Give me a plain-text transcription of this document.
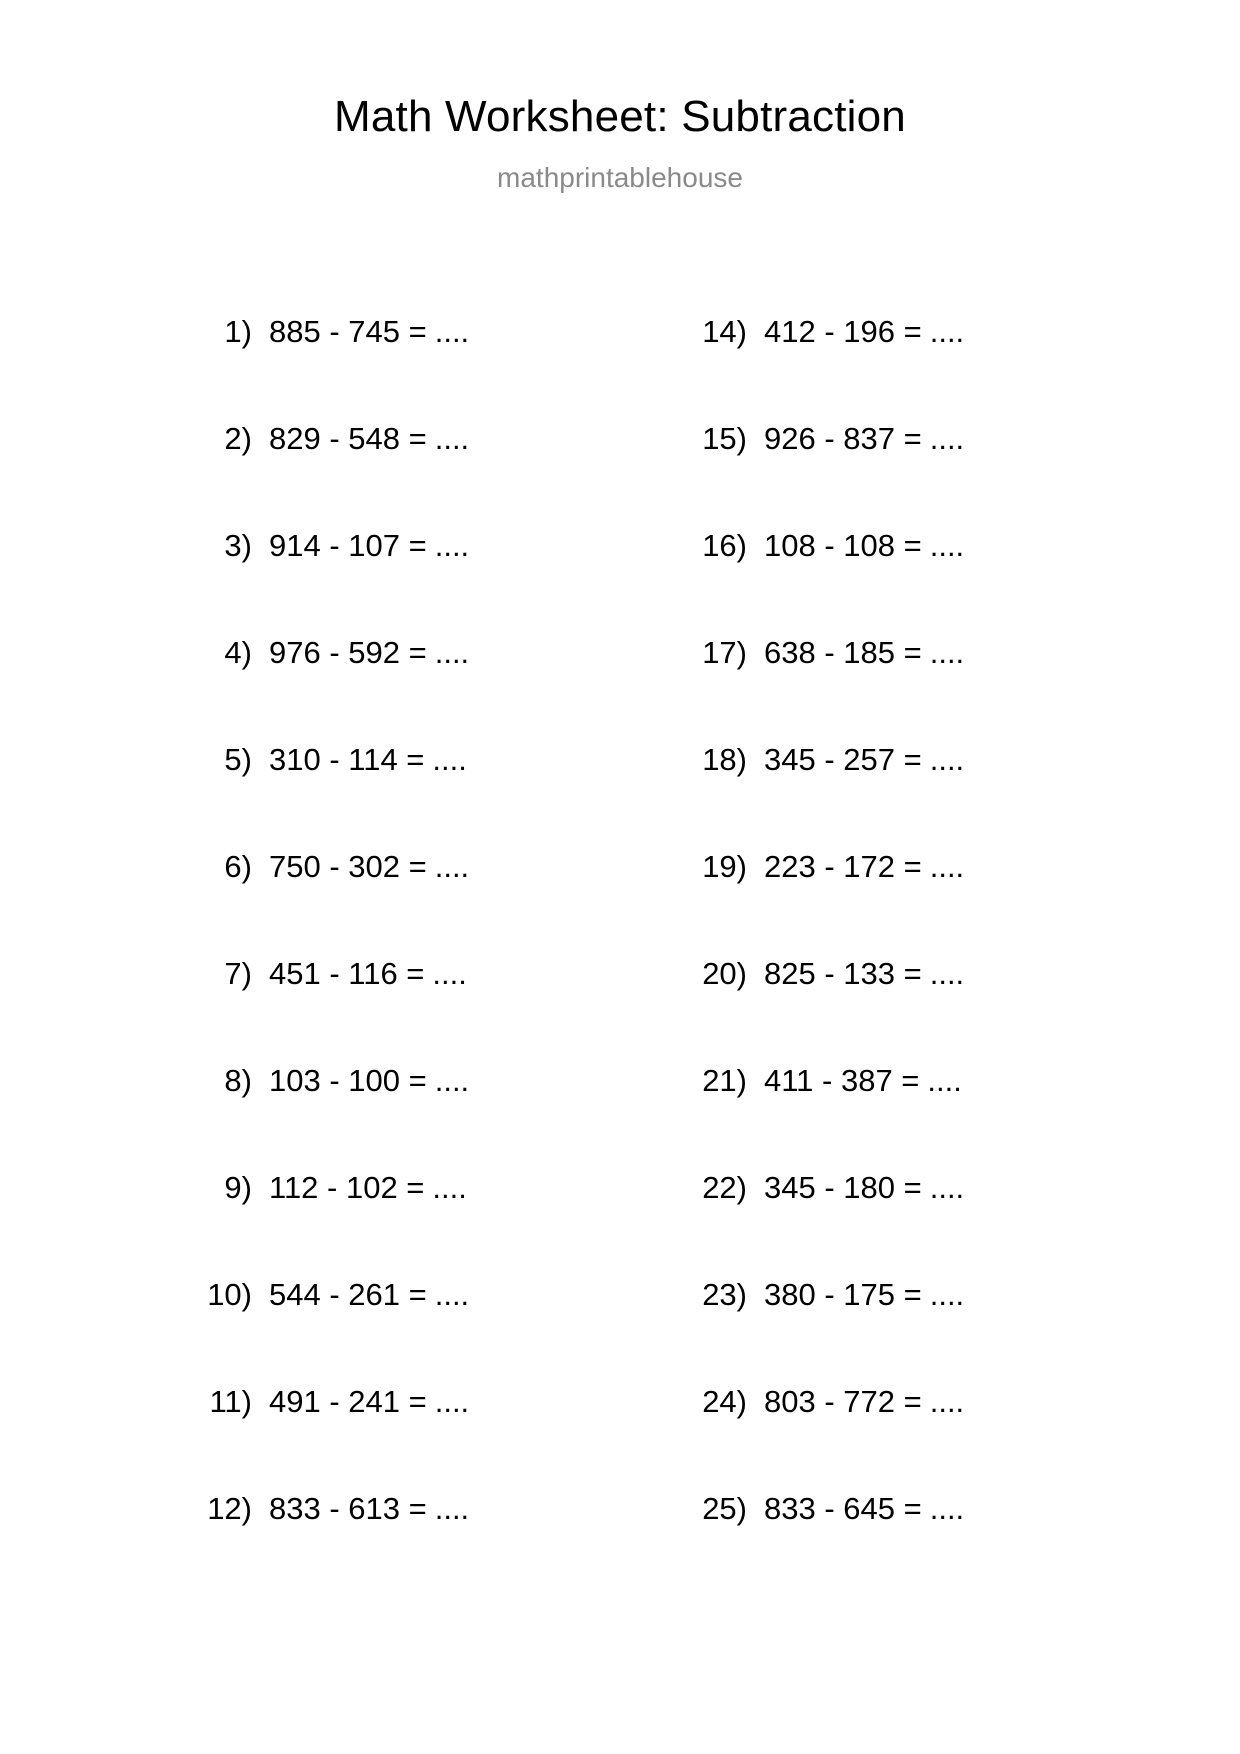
Math Worksheet: Subtraction
mathprintablehouse
1) 885 - 745 = ....
2) 829 - 548 = ....
3) 914 - 107 = ....
4) 976 - 592 = ....
5) 310 - 114 = ....
6) 750 - 302 = ....
7) 451 - 116 = ....
8) 103 - 100 = ....
9) 112 - 102 = ....
10) 544 - 261 = ....
11) 491 - 241 = ....
12) 833 - 613 = ....
14) 412 - 196 = ....
15) 926 - 837 = ....
16) 108 - 108 = ....
17) 638 - 185 = ....
18) 345 - 257 = ....
19) 223 - 172 = ....
20) 825 - 133 = ....
21) 411 - 387 = ....
22) 345 - 180 = ....
23) 380 - 175 = ....
24) 803 - 772 = ....
25) 833 - 645 = ....
